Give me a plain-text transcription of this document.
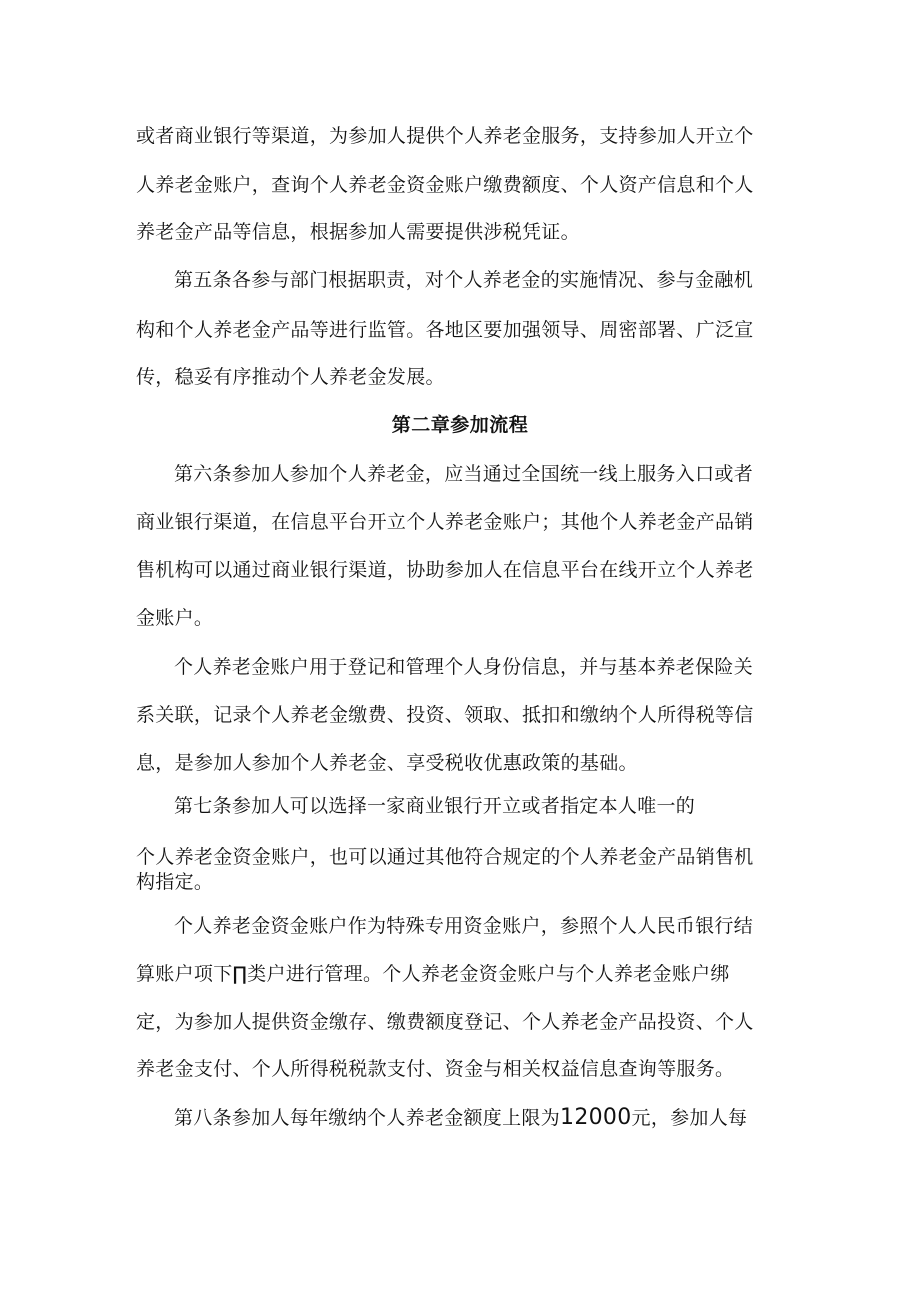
或者商业银行等渠道，为参加人提供个人养老金服务，支持参加人开立个
人养老金账户，查询个人养老金资金账户缴费额度、个人资产信息和个人
养老金产品等信息，根据参加人需要提供涉税凭证。
第五条各参与部门根据职责，对个人养老金的实施情况、参与金融机
构和个人养老金产品等进行监管。各地区要加强领导、周密部署、广泛宣
传，稳妥有序推动个人养老金发展。
第二章参加流程
第六条参加人参加个人养老金，应当通过全国统一线上服务入口或者
商业银行渠道，在信息平台开立个人养老金账户；其他个人养老金产品销
售机构可以通过商业银行渠道，协助参加人在信息平台在线开立个人养老
金账户。
个人养老金账户用于登记和管理个人身份信息，并与基本养老保险关
系关联，记录个人养老金缴费、投资、领取、抵扣和缴纳个人所得税等信
息，是参加人参加个人养老金、享受税收优惠政策的基础。
第七条参加人可以选择一家商业银行开立或者指定本人唯一的
个人养老金资金账户，也可以通过其他符合规定的个人养老金产品销售机
构指定。
个人养老金资金账户作为特殊专用资金账户，参照个人人民币银行结
算账户项下∏类户进行管理。个人养老金资金账户与个人养老金账户绑
定，为参加人提供资金缴存、缴费额度登记、个人养老金产品投资、个人
养老金支付、个人所得税税款支付、资金与相关权益信息查询等服务。
第八条参加人每年缴纳个人养老金额度上限为12000元，参加人每
